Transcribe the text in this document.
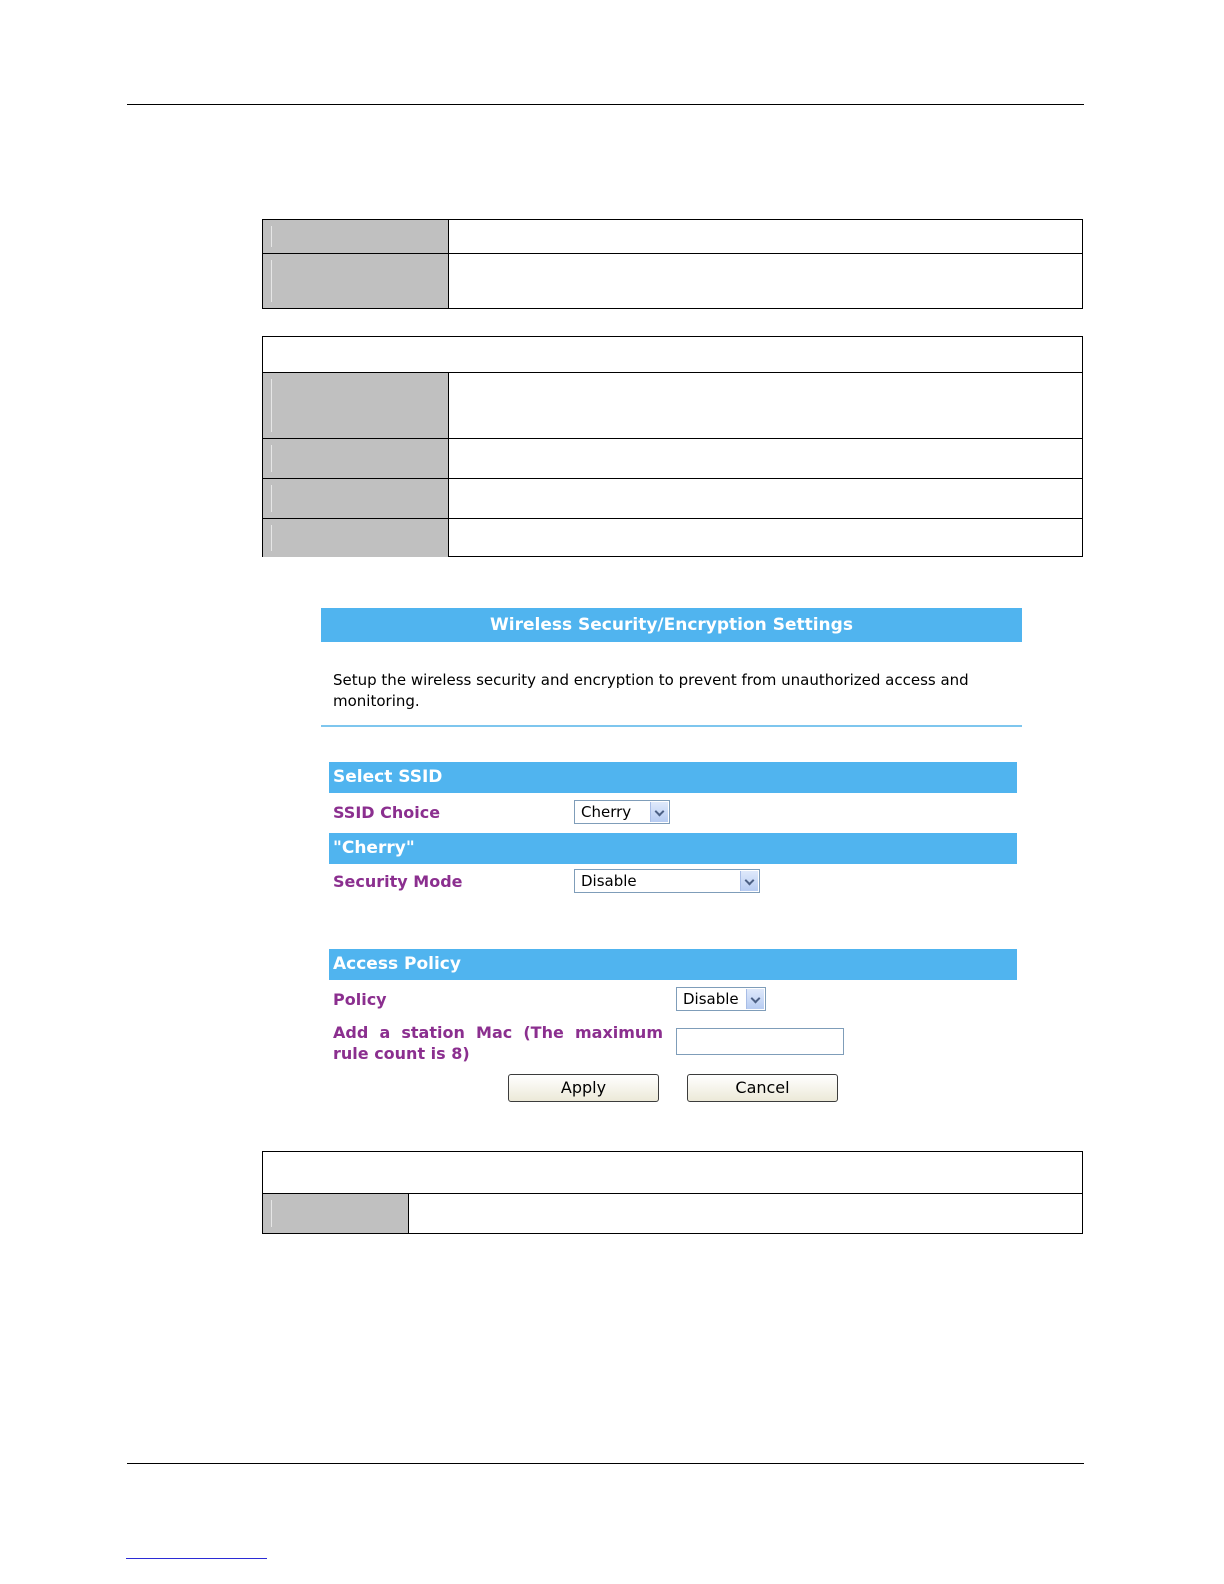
Wireless Security/Encryption Settings
Setup the wireless security and encryption to prevent from unauthorized access and monitoring.
Select SSID
SSID Choice	Cherry
"Cherry"
Security Mode	Disable
Access Policy
Policy	Disable
Add a station Mac (The maximum rule count is 8)
Apply	Cancel
